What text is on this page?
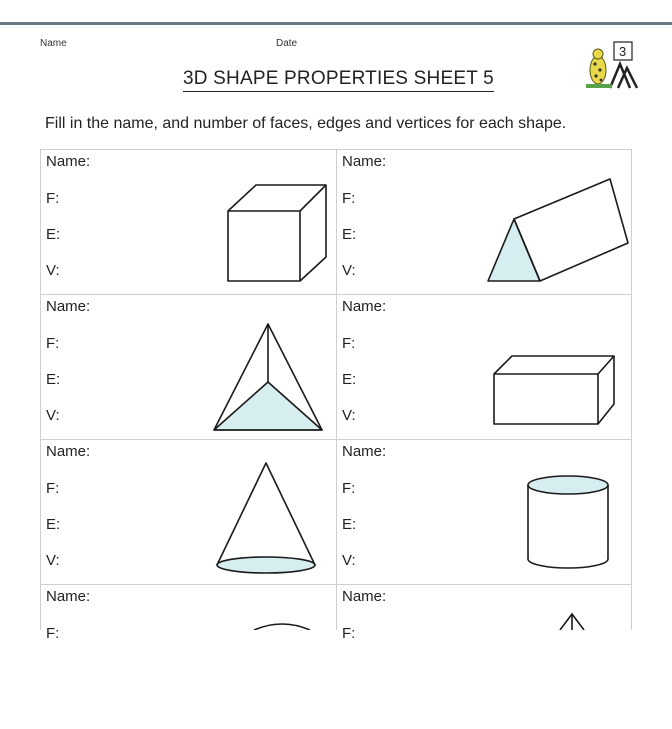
Name	Date
3D SHAPE PROPERTIES SHEET 5
3
Fill in the name, and number of faces, edges and vertices for each shape.
Name:
F:
E:
V:
Name:
F:
E:
V:
Name:
F:
E:
V:
Name:
F:
E:
V:
Name:
F:
E:
V:
Name:
F:
E:
V:
Name:
F:
Name:
F:
